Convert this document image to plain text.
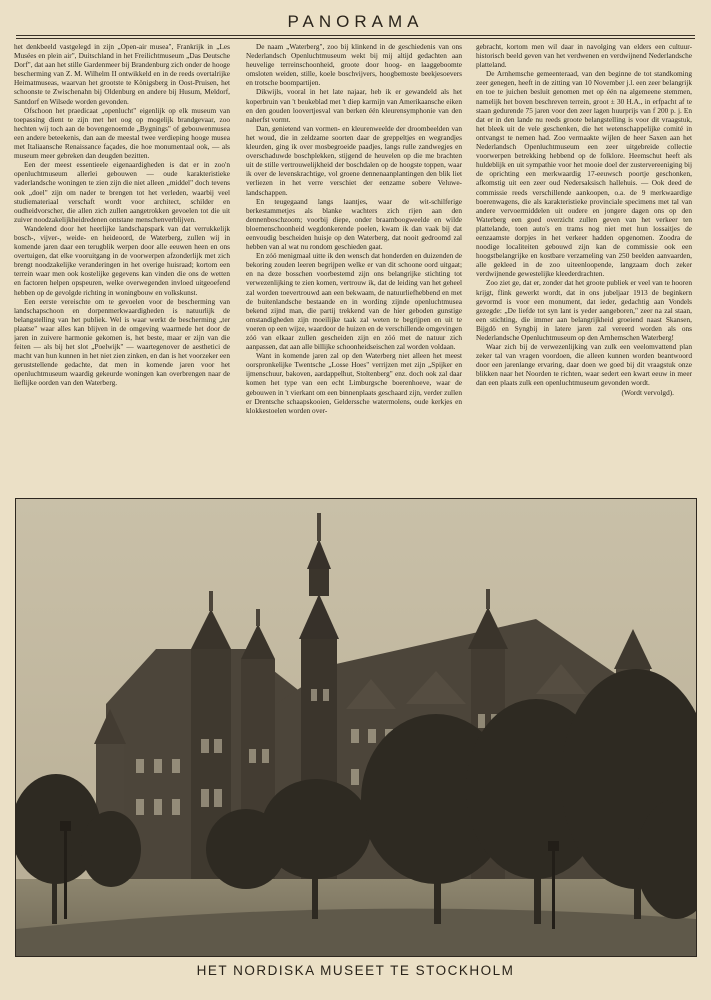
PANORAMA

het denkbeeld vastgelegd in zijn „Open-air musea", Frankrijk in „Les Musées en plein air", Duitschland in het Freilichtmuseum „Das Deutsche Dorf", dat aan het stille Gardenmeer bij Brandenburg zich onder de hooge bescherming van Z. M. Wilhelm II ontwikkeld en in de reeds overtalrijke Heimatmuseas, waarvan het grootste te Königsberg in Oost-Pruisen, het schoonste te Zwischenahn bij Oldenburg en andere bij Husum, Meldorf, Santdorf en Wilsede worden gevonden.

Ofschoon het praedicaat „openlucht" eigenlijk op elk museum van toepassing dient te zijn met het oog op mogelijk brandgevaar, zoo hechten wij toch aan de bovengenoemde „Bygnings" of gebouwenmusea een andere beteekenis, dan aan de meestal twee verdieping hooge musea met Italiaansche Renaissance façades, die hoe monumentaal ook, — als museum meer gebreken dan deugden bezitten.

Een der meest essentieele eigenaardigheden is dat er in zoo'n openluchtmuseum allerlei gebouwen — oude karakteristieke vaderlandsche woningen te zien zijn die niet alleen „middel" doch tevens ook „doel" zijn om nader te brengen tot het verleden, waarbij veel studiemateriaal verschaft wordt voor architect, schilder en oudheidvorscher, die allen zich zullen aangetrokken gevoelen tot die uit zuiver noodzakelijkheidredenen ontstane menschenverblijven.

Wandelend door het heerlijke landschapspark van dat verrukkelijk bosch-, vijver-, weide- en heideoord, de Waterberg, zullen wij in komende jaren daar een terugblik werpen door alle eeuwen heen en ons overtuigen, dat elke vooruitgang in de voorwerpen afzonderlijk met zich brengt noodzakelijke veranderingen in het overige huisraad; kortom een terrein waar men ook kostelijke gegevens kan vinden die ons de wetten en factoren helpen opspeuren, welke overwegenden invloed uitgeoefend hebben op de gevolgde richting in woningbouw en volkskunst.

Een eerste vereischte om te gevoelen voor de bescherming van landschapschoon en dorpenmerkwaardigheden is natuurlijk de belangstelling van het publiek. Wel is waar werkt de bescherming „ter plaatse" waar alles kan blijven in de omgeving waarmede het door de jaren in zuivere harmonie gekomen is, het beste, maar er zijn van die feiten — als bij het slot „Poelwijk" — waartegenover de aesthetici de macht van hun kunnen in het niet zien zinken, en dan is het voorzeker een geruststellende gedachte, dat men in komende jaren voor het openluchtmuseum waardig gekeurde woningen kan overbrengen naar de lieflijke oorden van den Waterberg.

De naam „Waterberg", zoo bij klinkend in de geschiedenis van ons Nederlandsch Openluchtmuseum wekt bij mij altijd gedachten aan heuvelige terreinschoonheid, groote door hoog- en laaggeboomte omsloten weiden, stille, koele boschvijvers, hoogbemoste beekjesoevers en trotsche boompartijen.

Dikwijls, vooral in het late najaar, heb ik er gewandeld als het koperbruin van 't beukeblad met 't diep karmijn van Amerikaansche eiken en den gouden loovertjesval van berken één kleurensymphonie van den naherfst vormt.

Dan, genietend van vormen- en kleurenweelde der droombeelden van het woud, die in zeldzame soorten daar de greppeltjes en wegrandjes kleurden, ging ik over mosbegroeide paadjes, langs rulle zandwegjes en overschaduwde boschplekken, stijgend de heuvelen op die me brachten uit de stille vertrouwelijkheid der boschdalen op de hoogste toppen, waar ik over de levenskrachtige, vol groene dennenaanplantingen den blik liet verliezen in het verre verschiet der eenzame sobere Veluwe-landschappen.

En teugegaand langs laantjes, waar de wit-schilferige berkestammetjes als blanke wachters zich rijen aan den dennenboschzoom; voorbij diepe, onder braamboogweelde en wilde bloemenschoonheid wegdonkerende poelen, kwam ik dan vaak bij dat eenvoudig bescheiden huisje op den Waterberg, dat nooit gedroomd zal hebben van al wat nu rondom geschieden gaat.

En zóó menigmaal uitte ik den wensch dat honderden en duizenden de bekoring zouden leeren begrijpen welke er van dit schoone oord uitgaat; en na deze bosschen voorbestemd zijn ons belangrijke stichting tot verwezenlijking te zien komen, vertrouw ik, dat de leiding van het geheel zal worden toevertrouwd aan een bekwaam, de natuurliefhebbend en met de buitenlandsche bestaande en in wording zijnde openluchtmusea bekend zijnd man, die partij trekkend van de hier geboden gunstige omstandigheden zijn moeilijke taak zal weten te begrijpen en uit te voeren op een wijze, waardoor de huizen en de verschillende omgevingen zóó van elkaar zullen gescheiden zijn en zóó met de natuur zich aanpassen, dat aan alle billijke schoonheidseischen zal worden voldaan.

Want in komende jaren zal op den Waterberg niet alleen het meest oorspronkelijke Twentsche „Losse Hoes" verrijzen met zijn „Spijker en ijmenschuur, bakoven, aardappelhut, Stoltenberg" enz. doch ook zal daar komen het type van een echt Limburgsche boerenhoeve, waar de gebouwen in 't vierkant om een binnenplaats geschaard zijn, verder zullen er Drentsche schaapskooien, Gelderssche watermolens, oude kerkjes en klokkestoelen worden over-

gebracht, kortom men wil daar in navolging van elders een cultuur-historisch beeld geven van het verdwenen en verdwijnend Nederlandsche platteland.

De Arnhemsche gemeenteraad, van den beginne de tot standkoming zeer genegen, heeft in de zitting van 10 November j.l. een zeer belangrijk en toe te juichen besluit genomen met op één na algemeene stemmen, namelijk het boven beschreven terrein, groot ± 30 H.A., in erfpacht af te staan gedurende 75 jaren voor den zeer lagen huurprijs van f 200 p. j. En dat er in den lande nu reeds groote belangstelling is voor dit vraagstuk, het bleek uit de vele geschenken, die het wetenschappelijke comité in ontvangst te nemen had. Zoo vermaakte wijlen de heer Saxen aan het Nederlandsch Openluchtmuseum een zeer uitgebreide collectie voorwerpen betrekking hebbend op de folklore. Heemschut heeft als huldeblijk en uit sympathie voor het mooie doel der zustervereeniging bij de oprichting een merkwaardig 17-eeuwsch poortje geschonken, afkomstig uit een zeer oud Nedersaksisch hallehuis. — Ook deed de commissie reeds verschillende aankoopen, o.a. de 9 merkwaardige boerenwagens, die als karakteristieke provinciale specimens met tal van andere vervoermiddelen uit oudere en jongere dagen ons op den Waterberg een goed overzicht zullen geven van het verkeer ten plattelande, toen auto's en trams nog niet met hun lossaitjes de eenzaamste dorpjes in het verkeer hadden opgenomen. Zoodra de noodige localiteiten gebouwd zijn kan de commissie ook een hoogstbelangrijke en kostbare verzameling van 250 beelden aanvaarden, alle gekleed in de zoo uiteenloopende, langzaam doch zeker verdwijnende gewestelijke kleederdrachten.

Zoo ziet ge, dat er, zonder dat het groote publiek er veel van te hooren krijgt, flink gewerkt wordt, dat in ons jubeljaar 1913 de beginkern gevormd is voor een monument, dat ieder, gedachtig aan Vondels gezegde: „De liefde tot syn lant is yeder aangeboren," zeer na zal staan, een stichting, die immer aan belangrijkheid groeiend naast Skansen, Bijgdö en Syngbij in latere jaren zal vereerd worden als ons Nederlandsche Openluchtmuseum op den Arnhemschen Waterberg!

Waar zich bij de verwezenlijking van zulk een veelomvattend plan zeker tal van vragen voordoen, die alleen kunnen worden beantwoord door een jarenlange ervaring, daar doen we goed bij dit vraagstuk onze blikken naar het Noorden te richten, waar sedert een kwart eeuw in meer dan een plaats zulk een openluchtmuseum gevonden wordt.

(Wordt vervolgd).

HET NORDISKA MUSEET TE STOCKHOLM
